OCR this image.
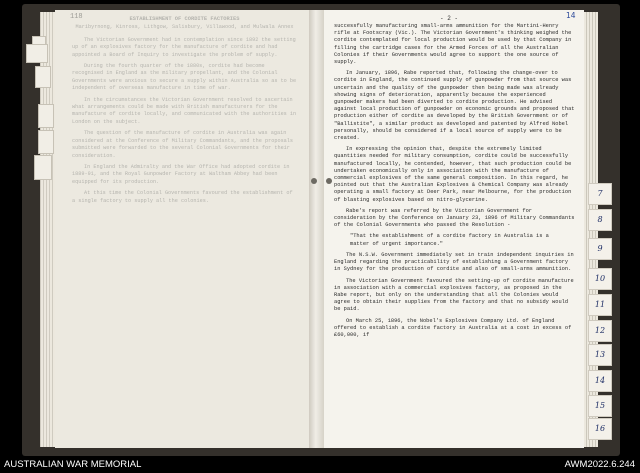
118	ESTABLISHMENT OF CORDITE FACTORIES

Maribyrnong, Kinross, Lithgow, Salisbury, Villawood, and Mulwala Annex

The Victorian Government had in contemplation since 1892 the setting up of an explosives factory for the manufacture of cordite and had appointed a Board of Inquiry to investigate the problem of supply.

During the fourth quarter of the 1880s, cordite had become recognised in England as the military propellant, and the Colonial Governments were anxious to secure a supply within Australia so as to be independent of overseas manufacture in time of war.

In the circumstances the Victorian Government resolved to ascertain what arrangements could be made with British manufacturers for the manufacture of cordite locally, and communicated with the authorities in London on the subject.

The question of the manufacture of cordite in Australia was again considered at the Conference of Military Commandants, and the proposals submitted were forwarded to the several Colonial Governments for their consideration.

In England the Admiralty and the War Office had adopted cordite in 1889-91, and the Royal Gunpowder Factory at Waltham Abbey had been equipped for its production.

At this time the Colonial Governments favoured the establishment of a single factory to supply all the colonies.

- 2 -	14

successfully manufacturing small-arms ammunition for the Martini-Henry rifle at Footscray (Vic.). The Victorian Government's thinking weighed the cordite contemplated for local production would be used by that Company in filling the cartridge cases for the Armed Forces of all the Australian Colonies if their Governments would agree to support the one source of supply.

In January, 1896, Rabe reported that, following the change-over to cordite in England, the continued supply of gunpowder from that source was uncertain and the quality of the gunpowder then being made was already showing signs of deterioration, apparently because the experienced gunpowder makers had been diverted to cordite production. He advised against local production of gunpowder on economic grounds and proposed that production either of cordite as developed by the British Government or of "Ballistite", a similar product as developed and patented by Alfred Nobel personally, should be considered if a local source of supply were to be created.

In expressing the opinion that, despite the extremely limited quantities needed for military consumption, cordite could be successfully manufactured locally, he contended, however, that such production could be undertaken economically only in association with the manufacture of commercial explosives of the same general composition. In this regard, he pointed out that the Australian Explosives & Chemical Company was already operating a small factory at Deer Park, near Melbourne, for the production of blasting explosives based on nitro-glycerine.

Rabe's report was referred by the Victorian Government for consideration by the Conference on January 23, 1896 of Military Commandants of the Colonial Governments who passed the Resolution -

"That the establishment of a cordite factory in Australia is a matter of urgent importance."

The N.S.W. Government immediately set in train independent inquiries in England regarding the practicability of establishing a Government factory in Sydney for the production of cordite and also of small-arms ammunition.

The Victorian Government favoured the setting-up of cordite manufacture in association with a commercial explosives factory, as proposed in the Rabe report, but only on the understanding that all the Colonies would agree to obtain their supplies from the factory and that no subsidy would be paid.

On March 25, 1896, the Nobel's Explosives Company Ltd. of England offered to establish a cordite factory in Australia at a cost in excess of £60,000, if

7
8
9
10
11
12
13
14
15
16
AUSTRALIAN WAR MEMORIAL	AWM2022.6.244
